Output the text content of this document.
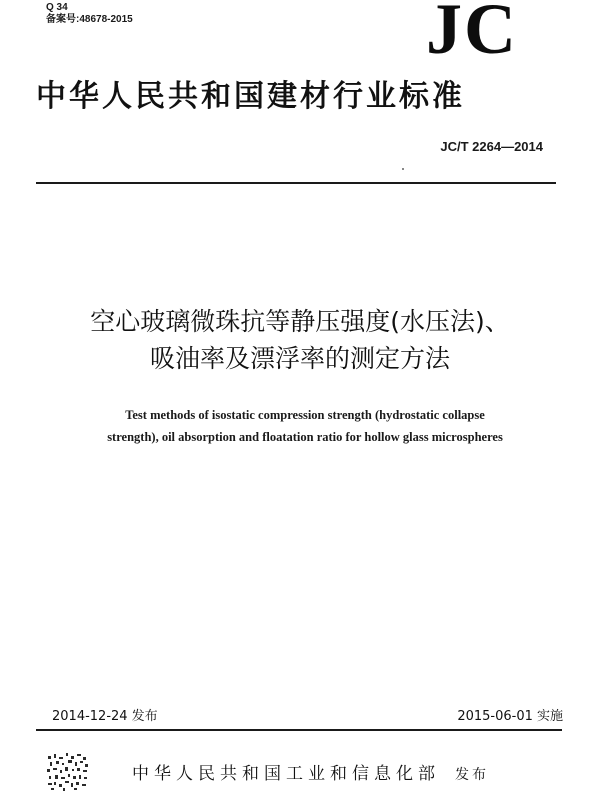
Q 34
备案号:48678-2015	JC
中华人民共和国建材行业标准
JC/T 2264—2014
空心玻璃微珠抗等静压强度(水压法)、
吸油率及漂浮率的测定方法
Test methods of isostatic compression strength (hydrostatic collapse
strength), oil absorption and floatation ratio for hollow glass microspheres
2014-12-24 发布	2015-06-01 实施
中华人民共和国工业和信息化部 发布
